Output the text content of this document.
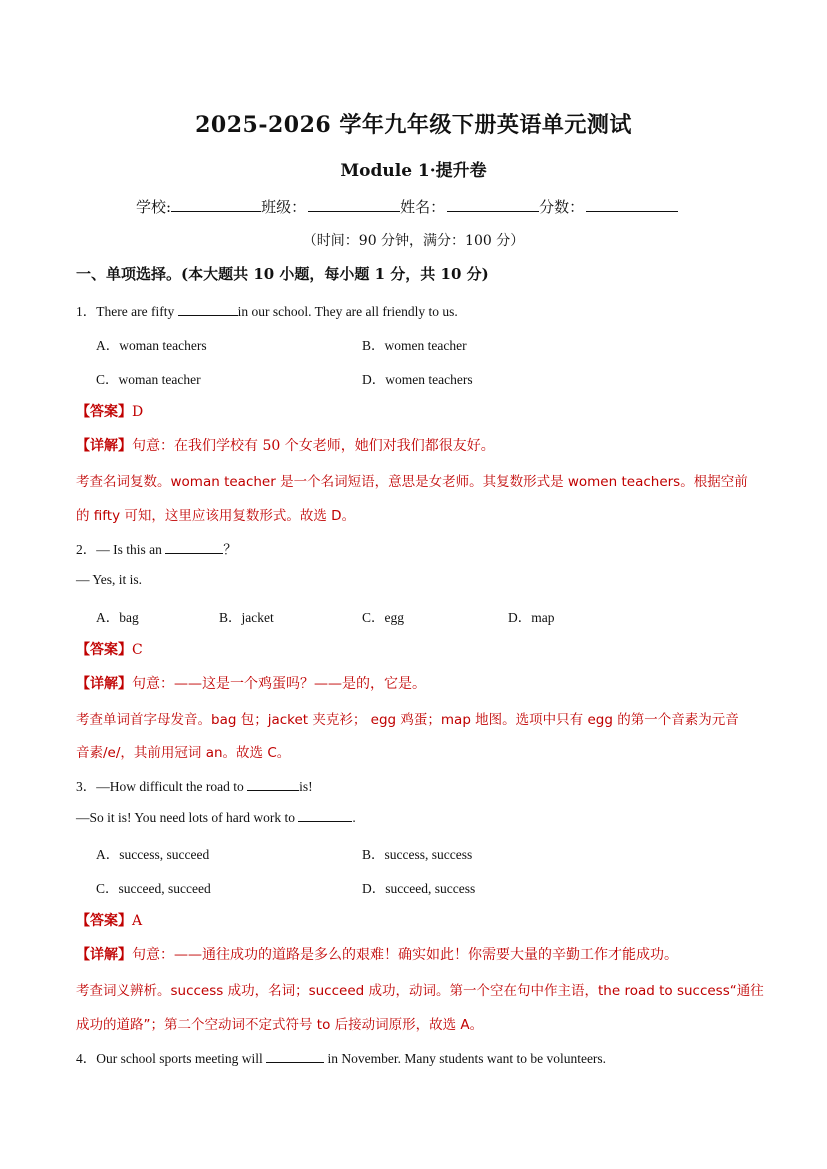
2025-2026 学年九年级下册英语单元测试
Module 1·提升卷
学校:	班级：	姓名：	分数：
（时间：90 分钟，满分：100 分）
一、单项选择。(本大题共 10 小题，每小题 1 分，共 10 分)
1．There are fifty	in our school. They are all friendly to us.
A．woman teachers	B．women teacher
C．woman teacher	D．women teachers
【答案】D
【详解】句意：在我们学校有 50 个女老师，她们对我们都很友好。
考查名词复数。woman teacher 是一个名词短语，意思是女老师。其复数形式是 women teachers。根据空前
的 fifty 可知，这里应该用复数形式。故选 D。
2．— Is this an	？
— Yes, it is.
A．bag	B．jacket	C．egg	D．map
【答案】C
【详解】句意：——这是一个鸡蛋吗？——是的，它是。
考查单词首字母发音。bag 包；jacket 夹克衫； egg 鸡蛋；map 地图。选项中只有 egg 的第一个音素为元音
音素/e/，其前用冠词 an。故选 C。
3．—How difficult the road to	is!
—So it is! You need lots of hard work to	.
A．success, succeed	B．success, success
C．succeed, succeed	D．succeed, success
【答案】A
【详解】句意：——通往成功的道路是多么的艰难！确实如此！你需要大量的辛勤工作才能成功。
考查词义辨析。success 成功，名词；succeed 成功，动词。第一个空在句中作主语，the road to success“通往
成功的道路”；第二个空动词不定式符号 to 后接动词原形，故选 A。
4．Our school sports meeting will	in November. Many students want to be volunteers.
